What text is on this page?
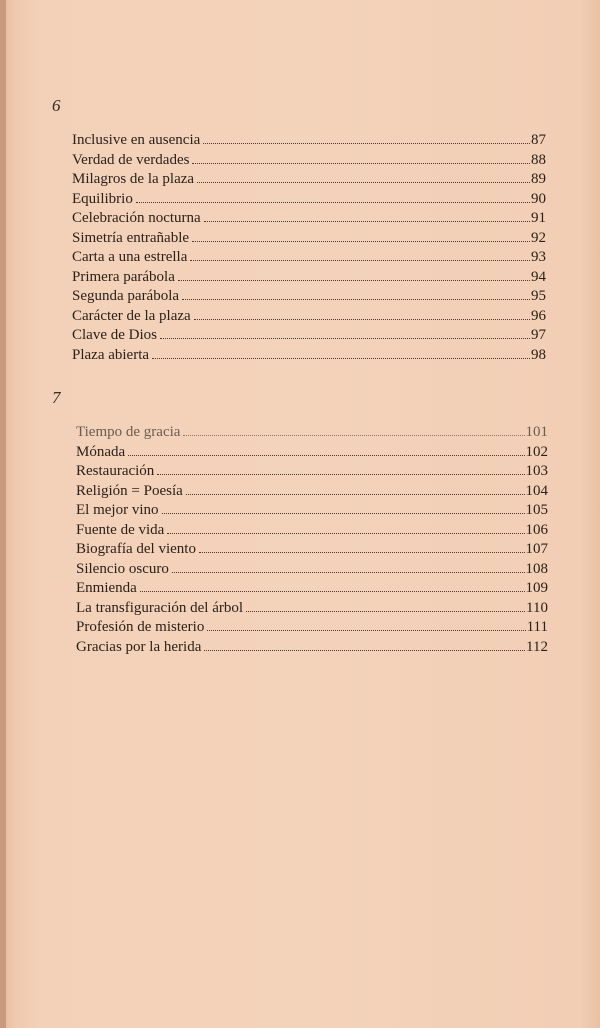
6
Inclusive en ausencia	87
Verdad de verdades	88
Milagros de la plaza	89
Equilibrio	90
Celebración nocturna	91
Simetría entrañable	92
Carta a una estrella	93
Primera parábola	94
Segunda parábola	95
Carácter de la plaza	96
Clave de Dios	97
Plaza abierta	98
7
Tiempo de gracia	101
Mónada	102
Restauración	103
Religión = Poesía	104
El mejor vino	105
Fuente de vida	106
Biografía del viento	107
Silencio oscuro	108
Enmienda	109
La transfiguración del árbol	110
Profesión de misterio	111
Gracias por la herida	112
